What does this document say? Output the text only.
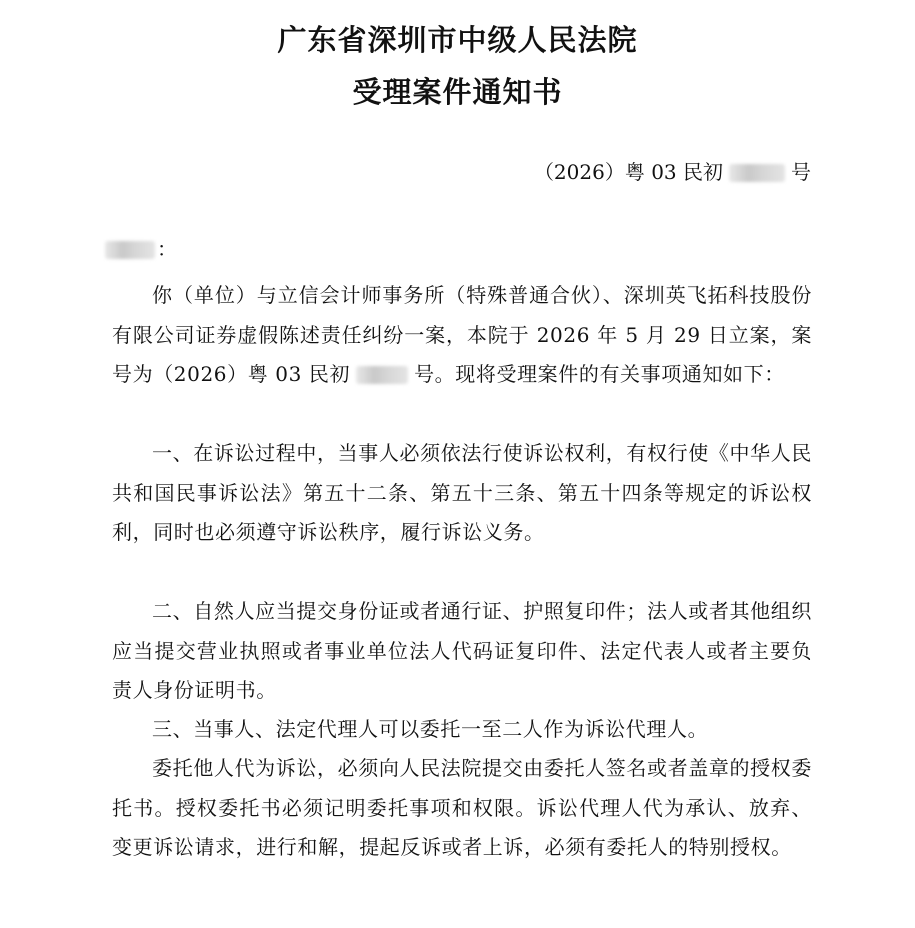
广东省深圳市中级人民法院
受理案件通知书
（2026）粤 03 民初	号
：
你（单位）与立信会计师事务所（特殊普通合伙）、深圳英飞拓科技股份有限公司证券虚假陈述责任纠纷一案，本院于 2026 年 5 月 29 日立案，案号为（2026）粤 03 民初	号。现将受理案件的有关事项通知如下：
一、在诉讼过程中，当事人必须依法行使诉讼权利，有权行使《中华人民共和国民事诉讼法》第五十二条、第五十三条、第五十四条等规定的诉讼权利，同时也必须遵守诉讼秩序，履行诉讼义务。
二、自然人应当提交身份证或者通行证、护照复印件；法人或者其他组织应当提交营业执照或者事业单位法人代码证复印件、法定代表人或者主要负责人身份证明书。
三、当事人、法定代理人可以委托一至二人作为诉讼代理人。
委托他人代为诉讼，必须向人民法院提交由委托人签名或者盖章的授权委托书。授权委托书必须记明委托事项和权限。诉讼代理人代为承认、放弃、变更诉讼请求，进行和解，提起反诉或者上诉，必须有委托人的特别授权。
